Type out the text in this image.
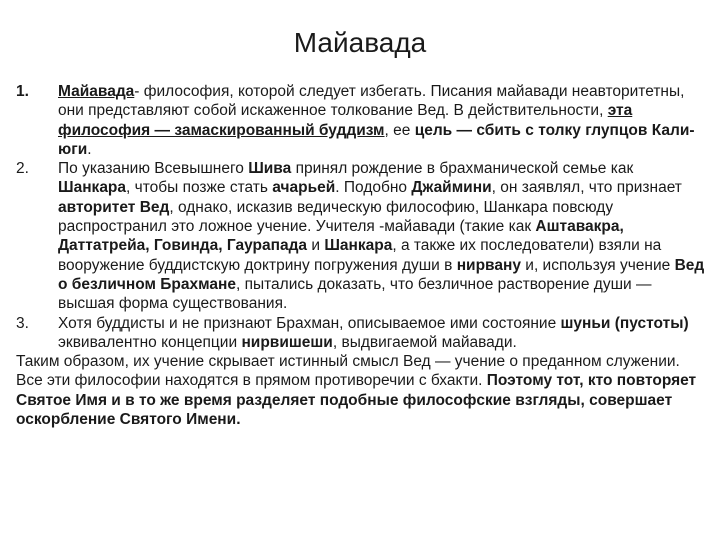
Майавада
1. Майавада- философия, которой следует избегать. Писания майавади неавторитетны, они представляют собой искаженное толкование Вед. В действительности, эта философия — замаскированный буддизм, ее цель — сбить с толку глупцов Кали-юги.
2. По указанию Всевышнего Шива принял рождение в брахманической семье как Шанкара, чтобы позже стать ачарьей. Подобно Джаймини, он заявлял, что признает авторитет Вед, однако, исказив ведическую философию, Шанкара повсюду распространил это ложное учение. Учителя -майавади (такие как Аштавакра, Даттатрейа, Говинда, Гаурапада и Шанкара, а также их последователи) взяли на вооружение буддистскую доктрину погружения души в нирвану и, используя учение Вед о безличном Брахмане, пытались доказать, что безличное растворение души — высшая форма существования.
3. Хотя буддисты и не признают Брахман, описываемое ими состояние шуньи (пустоты) эквивалентно концепции нирвишеши, выдвигаемой майавади.
Таким образом, их учение скрывает истинный смысл Вед — учение о преданном служении. Все эти философии находятся в прямом противоречии с бхакти. Поэтому тот, кто повторяет Святое Имя и в то же время разделяет подобные философские взгляды, совершает оскорбление Святого Имени.
